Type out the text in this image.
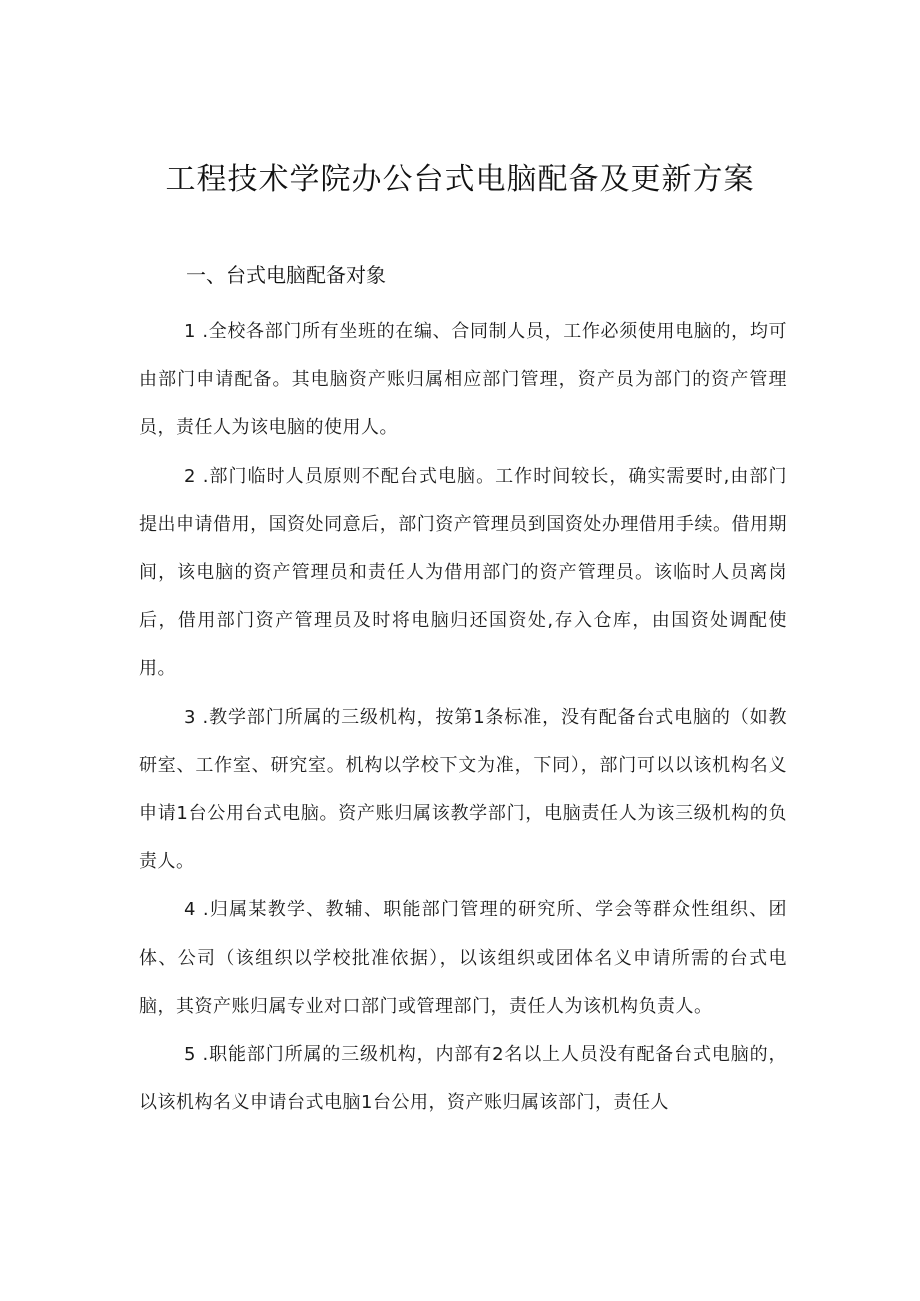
工程技术学院办公台式电脑配备及更新方案
一、台式电脑配备对象

1 .全校各部门所有坐班的在编、合同制人员，工作必须使用电脑的，均可由部门申请配备。其电脑资产账归属相应部门管理，资产员为部门的资产管理员，责任人为该电脑的使用人。

2 .部门临时人员原则不配台式电脑。工作时间较长，确实需要时,由部门提出申请借用，国资处同意后，部门资产管理员到国资处办理借用手续。借用期间，该电脑的资产管理员和责任人为借用部门的资产管理员。该临时人员离岗后，借用部门资产管理员及时将电脑归还国资处,存入仓库，由国资处调配使用。

3 .教学部门所属的三级机构，按第1条标准，没有配备台式电脑的（如教研室、工作室、研究室。机构以学校下文为准，下同），部门可以以该机构名义申请1台公用台式电脑。资产账归属该教学部门，电脑责任人为该三级机构的负责人。

4 .归属某教学、教辅、职能部门管理的研究所、学会等群众性组织、团体、公司（该组织以学校批准依据），以该组织或团体名义申请所需的台式电脑，其资产账归属专业对口部门或管理部门，责任人为该机构负责人。

5 .职能部门所属的三级机构，内部有2名以上人员没有配备台式电脑的，以该机构名义申请台式电脑1台公用，资产账归属该部门，责任人
